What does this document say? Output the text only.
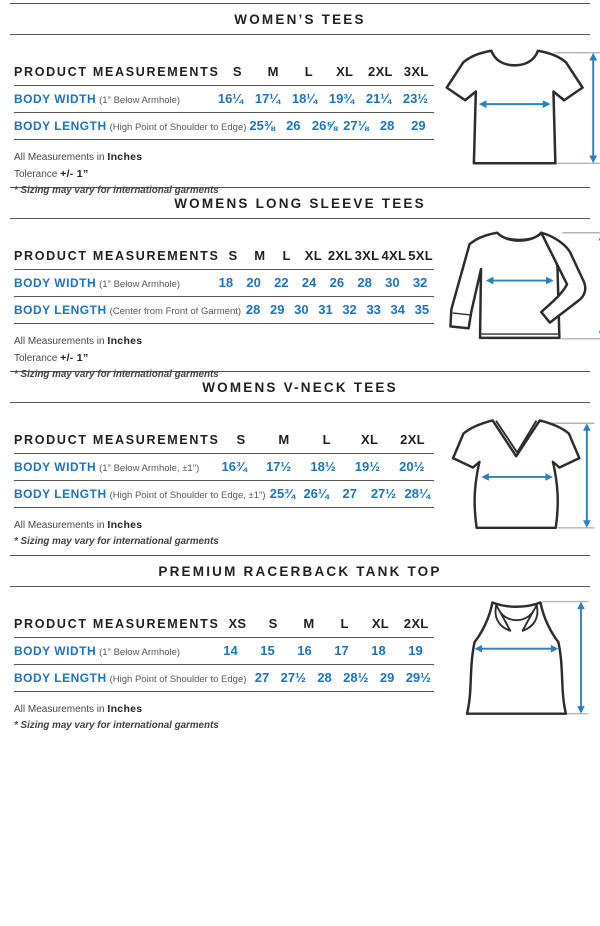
WOMEN’S TEES
PRODUCT MEASUREMENTS	S	M	L	XL	2XL 3XL
BODY WIDTH (1" Below Armhole)	16¼ 17¼ 18¼ 19¾ 21¼ 23½
BODY LENGTH (High Point of Shoulder to Edge) 25⅜ 26 26⅝ 27⅛ 28	29
All Measurements in Inches
Tolerance +/- 1”
* Sizing may vary for international garments
WOMENS LONG SLEEVE TEES
PRODUCT MEASUREMENTS S	M	L	XL 2XL 3XL 4XL 5XL
BODY WIDTH (1" Below Armhole)	18	20	22	24	26	28	30	32
BODY LENGTH (Center from Front of Garment) 28 29 30 31 32 33 34 35
All Measurements in Inches
Tolerance +/- 1”
* Sizing may vary for international garments
WOMENS V-NECK TEES
PRODUCT MEASUREMENTS	S	M	L	XL	2XL
BODY WIDTH (1" Below Armhole, ±1")	16¾	17½	18½	19½	20½
BODY LENGTH (High Point of Shoulder to Edge, ±1") 25¾ 26¼	27	27½ 28¼
All Measurements in Inches
* Sizing may vary for international garments
PREMIUM RACERBACK TANK TOP
PRODUCT MEASUREMENTS XS	S	M	L	XL	2XL
BODY WIDTH (1" Below Armhole)	14	15	16	17	18	19
BODY LENGTH (High Point of Shoulder to Edge) 27 27½ 28 28½ 29 29½
All Measurements in Inches
* Sizing may vary for international garments
